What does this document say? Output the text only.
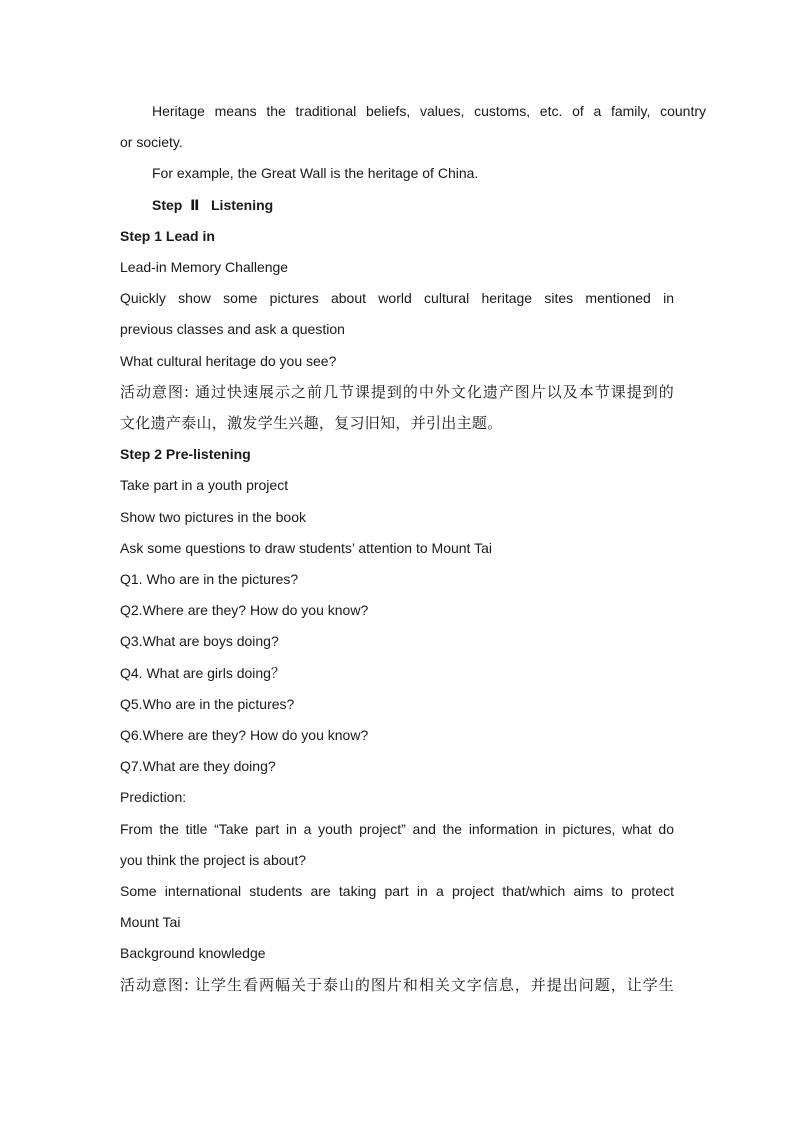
Heritage means the traditional beliefs, values, customs, etc. of a family, country
or society.
For example, the Great Wall is the heritage of China.
Step  Ⅱ   Listening
Step 1 Lead in
Lead-in Memory Challenge
Quickly show some pictures about world cultural heritage sites mentioned in
previous classes and ask a question
What cultural heritage do you see?
活动意图: 通过快速展示之前几节课提到的中外文化遗产图片以及本节课提到的
文化遗产泰山，激发学生兴趣，复习旧知，并引出主题。
Step 2 Pre-listening
Take part in a youth project
Show two pictures in the book
Ask some questions to draw students’ attention to Mount Tai
Q1. Who are in the pictures?
Q2.Where are they? How do you know?
Q3.What are boys doing?
Q4. What are girls doing？
Q5.Who are in the pictures?
Q6.Where are they? How do you know?
Q7.What are they doing?
Prediction:
From the title “Take part in a youth project” and the information in pictures, what do
you think the project is about?
Some international students are taking part in a project that/which aims to protect
Mount Tai
Background knowledge
活动意图: 让学生看两幅关于泰山的图片和相关文字信息，并提出问题，让学生
